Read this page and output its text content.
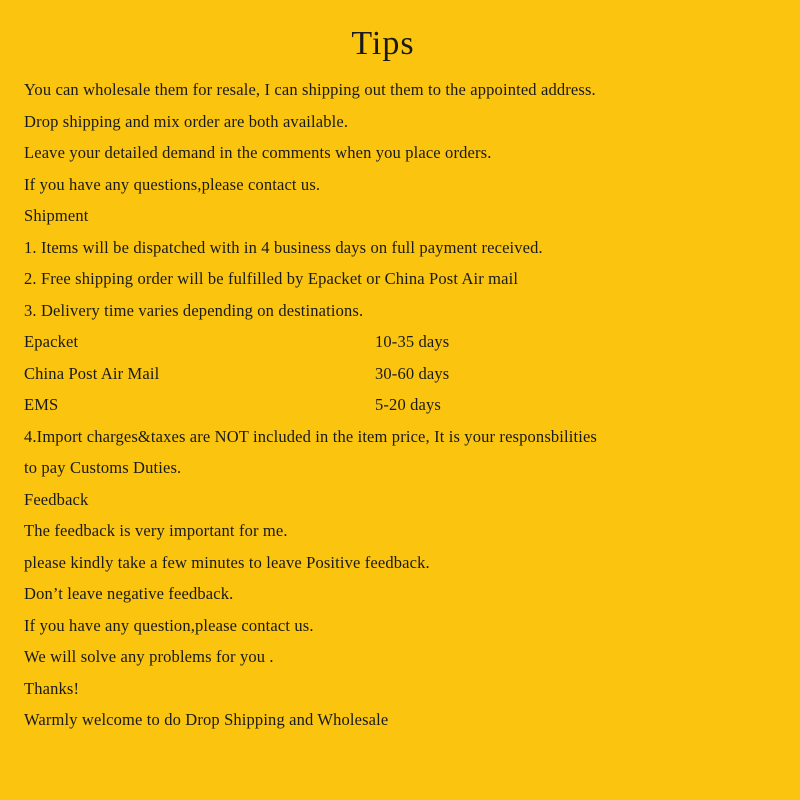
Tips
You can wholesale them for resale, I can shipping out them to the appointed address.
Drop shipping and mix order are both available.
Leave your detailed demand in the comments when you place orders.
If you have any questions,please contact us.
Shipment
1. Items will be dispatched with in 4 business days on full payment received.
2. Free shipping order will be fulfilled by Epacket or China Post Air mail
3. Delivery time varies depending on destinations.
Epacket	10-35 days
China Post Air Mail	30-60 days
EMS	5-20 days
4.Import charges&taxes are NOT included in the item price, It is your responsbilities
to pay Customs Duties.
Feedback
The feedback is very important for me.
please kindly take a few minutes to leave Positive feedback.
Don’t leave negative feedback.
If you have any question,please contact us.
We will solve any problems for you .
Thanks!
Warmly welcome to do Drop Shipping and Wholesale
